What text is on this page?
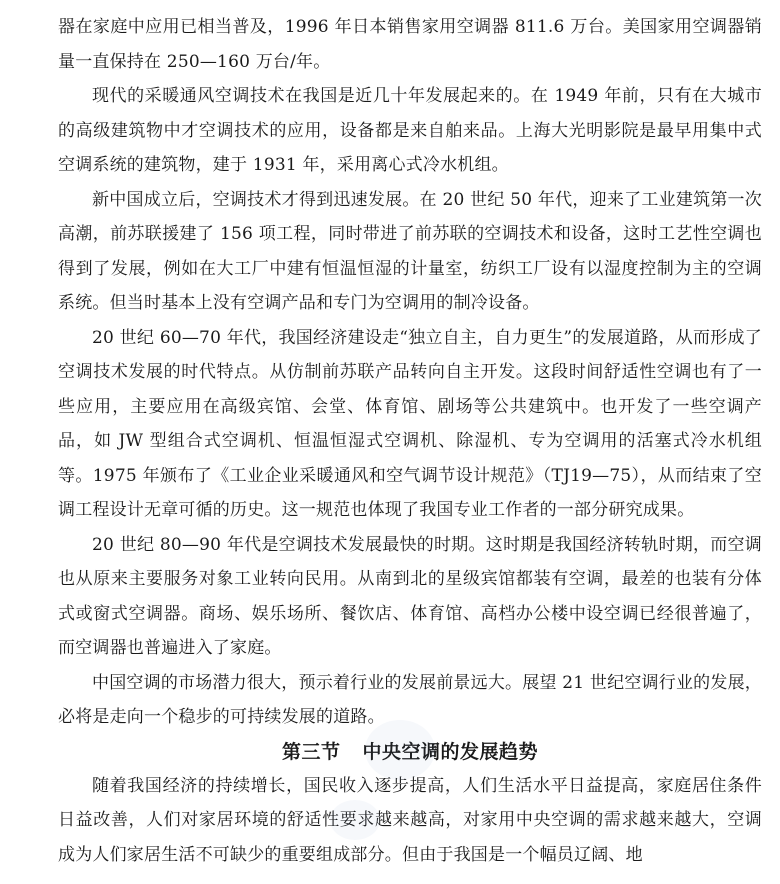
器在家庭中应用已相当普及，1996 年日本销售家用空调器 811.6 万台。美国家用空调器销量一直保持在 250—160 万台/年。

现代的采暖通风空调技术在我国是近几十年发展起来的。在 1949 年前，只有在大城市的高级建筑物中才空调技术的应用，设备都是来自舶来品。上海大光明影院是最早用集中式空调系统的建筑物，建于 1931 年，采用离心式冷水机组。

新中国成立后，空调技术才得到迅速发展。在 20 世纪 50 年代，迎来了工业建筑第一次高潮，前苏联援建了 156 项工程，同时带进了前苏联的空调技术和设备，这时工艺性空调也得到了发展，例如在大工厂中建有恒温恒湿的计量室，纺织工厂设有以湿度控制为主的空调系统。但当时基本上没有空调产品和专门为空调用的制冷设备。

20 世纪 60—70 年代，我国经济建设走“独立自主，自力更生”的发展道路，从而形成了空调技术发展的时代特点。从仿制前苏联产品转向自主开发。这段时间舒适性空调也有了一些应用，主要应用在高级宾馆、会堂、体育馆、剧场等公共建筑中。也开发了一些空调产品，如 JW 型组合式空调机、恒温恒湿式空调机、除湿机、专为空调用的活塞式冷水机组等。1975 年颁布了《工业企业采暖通风和空气调节设计规范》（TJ19—75），从而结束了空调工程设计无章可循的历史。这一规范也体现了我国专业工作者的一部分研究成果。

20 世纪 80—90 年代是空调技术发展最快的时期。这时期是我国经济转轨时期，而空调也从原来主要服务对象工业转向民用。从南到北的星级宾馆都装有空调，最差的也装有分体式或窗式空调器。商场、娱乐场所、餐饮店、体育馆、高档办公楼中设空调已经很普遍了，而空调器也普遍进入了家庭。

中国空调的市场潜力很大，预示着行业的发展前景远大。展望 21 世纪空调行业的发展，必将是走向一个稳步的可持续发展的道路。

第三节 中央空调的发展趋势

随着我国经济的持续增长，国民收入逐步提高，人们生活水平日益提高，家庭居住条件日益改善，人们对家居环境的舒适性要求越来越高，对家用中央空调的需求越来越大，空调成为人们家居生活不可缺少的重要组成部分。但由于我国是一个幅员辽阔、地
